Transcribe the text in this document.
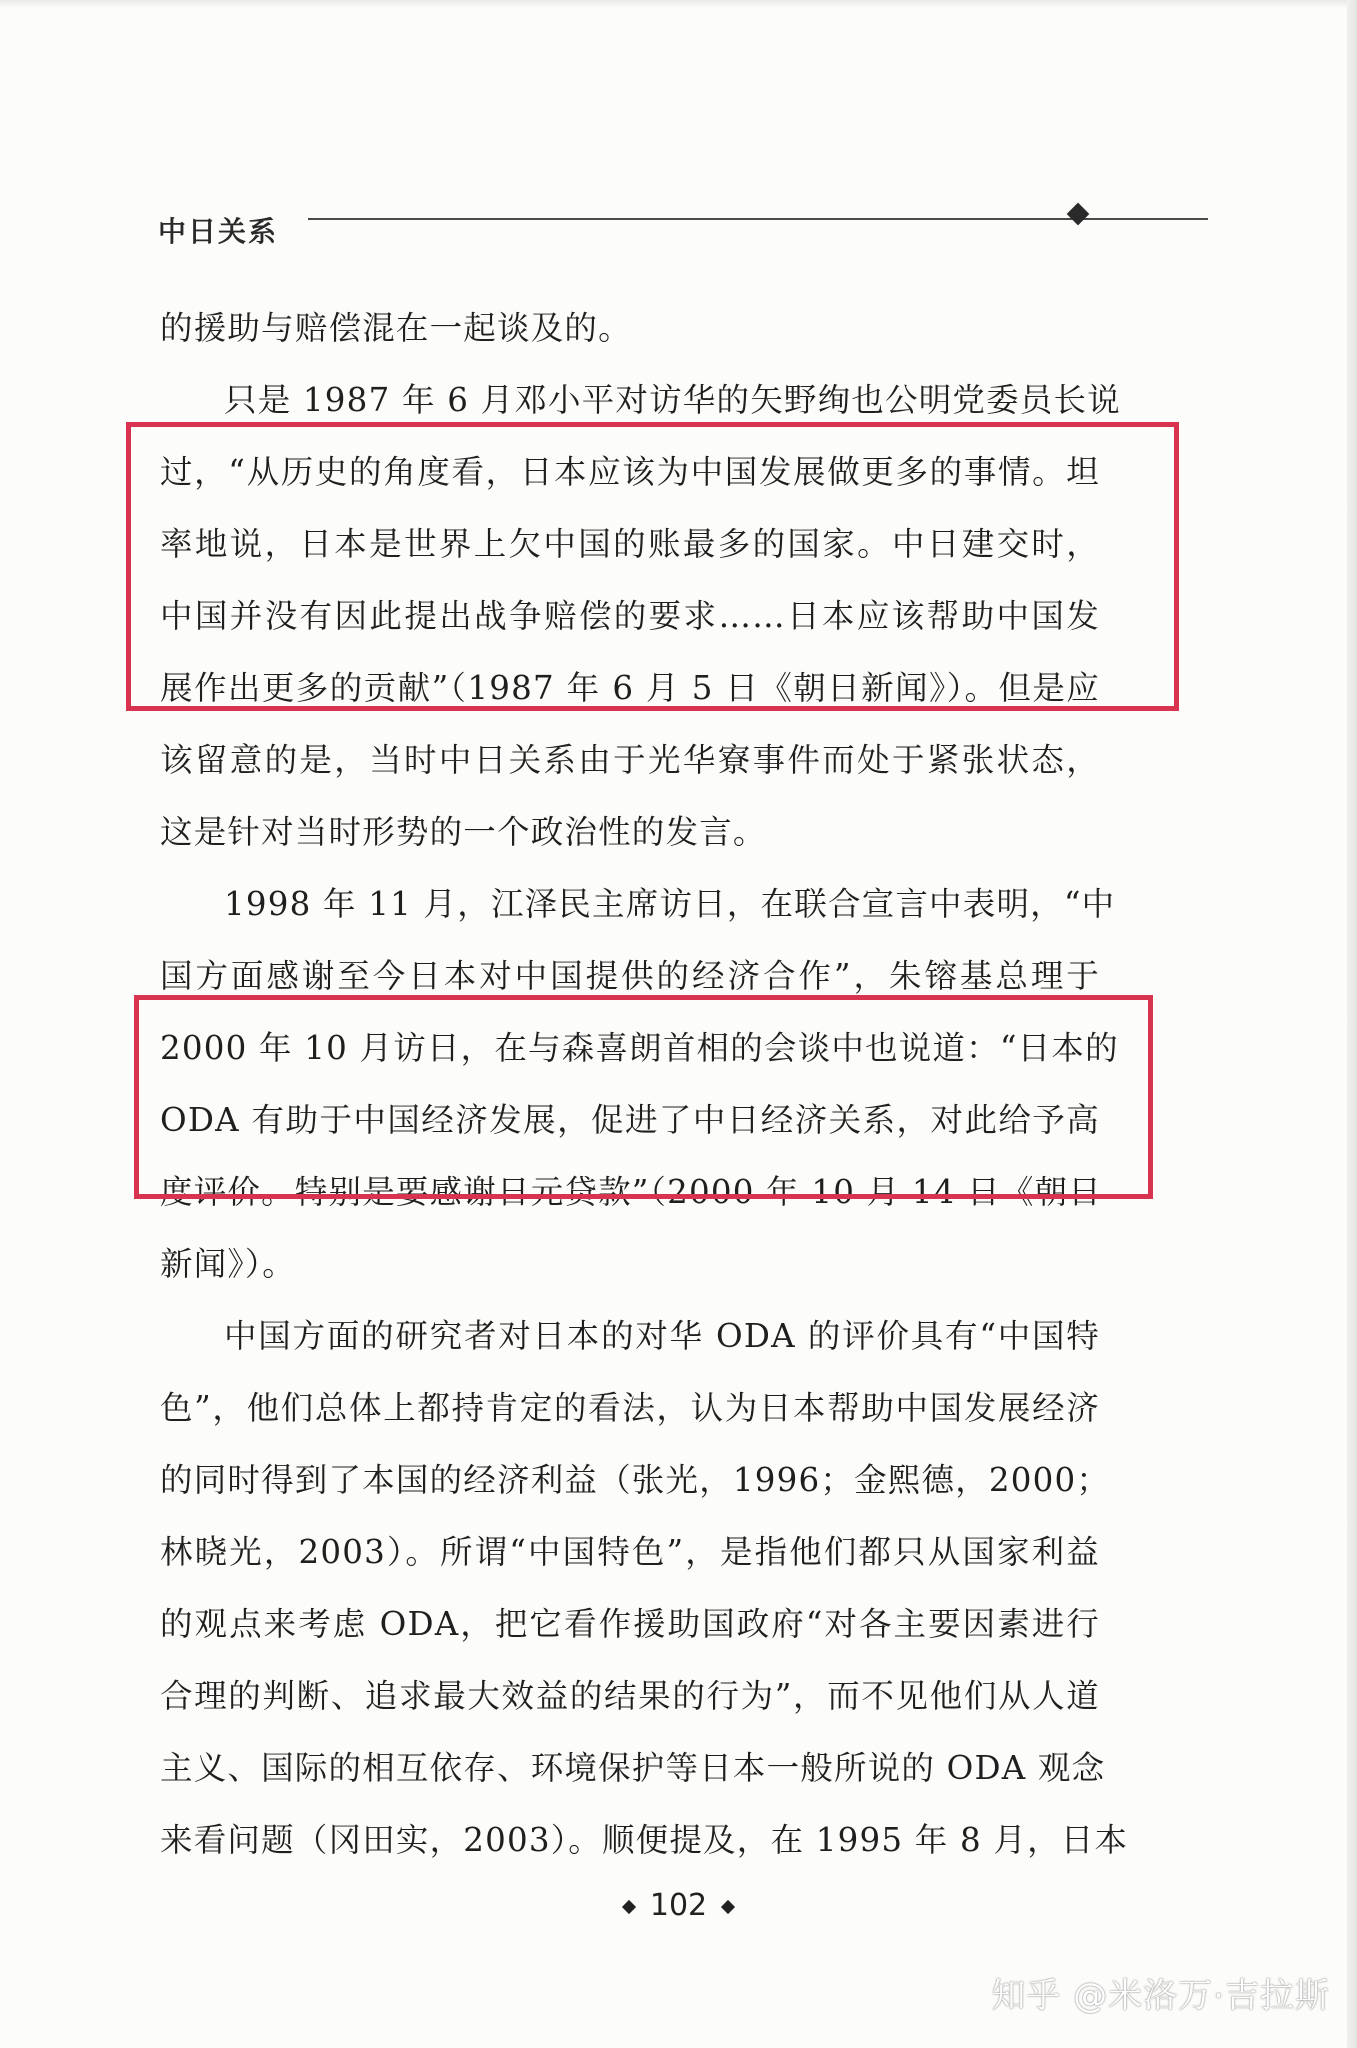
中日关系
的援助与赔偿混在一起谈及的。
只是 1987 年 6 月邓小平对访华的矢野绚也公明党委员长说
过，“从历史的角度看，日本应该为中国发展做更多的事情。坦
率地说，日本是世界上欠中国的账最多的国家。中日建交时，
中国并没有因此提出战争赔偿的要求……日本应该帮助中国发
展作出更多的贡献”（1987 年 6 月 5 日《朝日新闻》）。但是应
该留意的是，当时中日关系由于光华寮事件而处于紧张状态，
这是针对当时形势的一个政治性的发言。
1998 年 11 月，江泽民主席访日，在联合宣言中表明，“中
国方面感谢至今日本对中国提供的经济合作”，朱镕基总理于
2000 年 10 月访日，在与森喜朗首相的会谈中也说道：“日本的
ODA 有助于中国经济发展，促进了中日经济关系，对此给予高
度评价。特别是要感谢日元贷款”（2000 年 10 月 14 日《朝日
新闻》）。
中国方面的研究者对日本的对华 ODA 的评价具有“中国特
色”，他们总体上都持肯定的看法，认为日本帮助中国发展经济
的同时得到了本国的经济利益（张光，1996；金熙德，2000；
林晓光，2003）。所谓“中国特色”，是指他们都只从国家利益
的观点来考虑 ODA，把它看作援助国政府“对各主要因素进行
合理的判断、追求最大效益的结果的行为”，而不见他们从人道
主义、国际的相互依存、环境保护等日本一般所说的 ODA 观念
来看问题（冈田实，2003）。顺便提及，在 1995 年 8 月，日本
102
知乎 @米洛万·吉拉斯
